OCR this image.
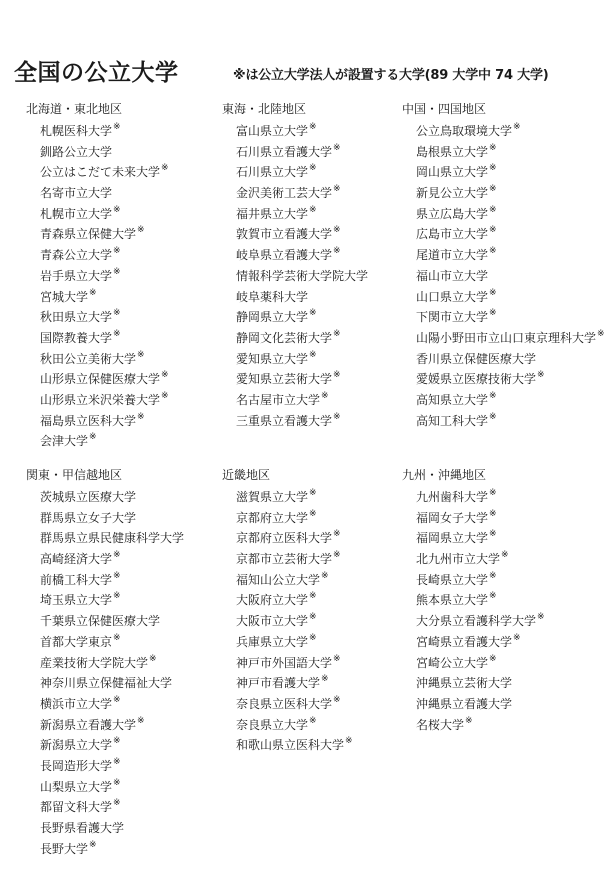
全国の公立大学	※は公立大学法人が設置する大学(89 大学中 74 大学)
北海道・東北地区
札幌医科大学※
釧路公立大学
公立はこだて未来大学※
名寄市立大学
札幌市立大学※
青森県立保健大学※
青森公立大学※
岩手県立大学※
宮城大学※
秋田県立大学※
国際教養大学※
秋田公立美術大学※
山形県立保健医療大学※
山形県立米沢栄養大学※
福島県立医科大学※
会津大学※
東海・北陸地区
富山県立大学※
石川県立看護大学※
石川県立大学※
金沢美術工芸大学※
福井県立大学※
敦賀市立看護大学※
岐阜県立看護大学※
情報科学芸術大学院大学
岐阜薬科大学
静岡県立大学※
静岡文化芸術大学※
愛知県立大学※
愛知県立芸術大学※
名古屋市立大学※
三重県立看護大学※
中国・四国地区
公立鳥取環境大学※
島根県立大学※
岡山県立大学※
新見公立大学※
県立広島大学※
広島市立大学※
尾道市立大学※
福山市立大学
山口県立大学※
下関市立大学※
山陽小野田市立山口東京理科大学※
香川県立保健医療大学
愛媛県立医療技術大学※
高知県立大学※
高知工科大学※
関東・甲信越地区
茨城県立医療大学
群馬県立女子大学
群馬県立県民健康科学大学
高崎経済大学※
前橋工科大学※
埼玉県立大学※
千葉県立保健医療大学
首都大学東京※
産業技術大学院大学※
神奈川県立保健福祉大学
横浜市立大学※
新潟県立看護大学※
新潟県立大学※
長岡造形大学※
山梨県立大学※
都留文科大学※
長野県看護大学
長野大学※
近畿地区
滋賀県立大学※
京都府立大学※
京都府立医科大学※
京都市立芸術大学※
福知山公立大学※
大阪府立大学※
大阪市立大学※
兵庫県立大学※
神戸市外国語大学※
神戸市看護大学※
奈良県立医科大学※
奈良県立大学※
和歌山県立医科大学※
九州・沖縄地区
九州歯科大学※
福岡女子大学※
福岡県立大学※
北九州市立大学※
長崎県立大学※
熊本県立大学※
大分県立看護科学大学※
宮崎県立看護大学※
宮崎公立大学※
沖縄県立芸術大学
沖縄県立看護大学
名桜大学※
